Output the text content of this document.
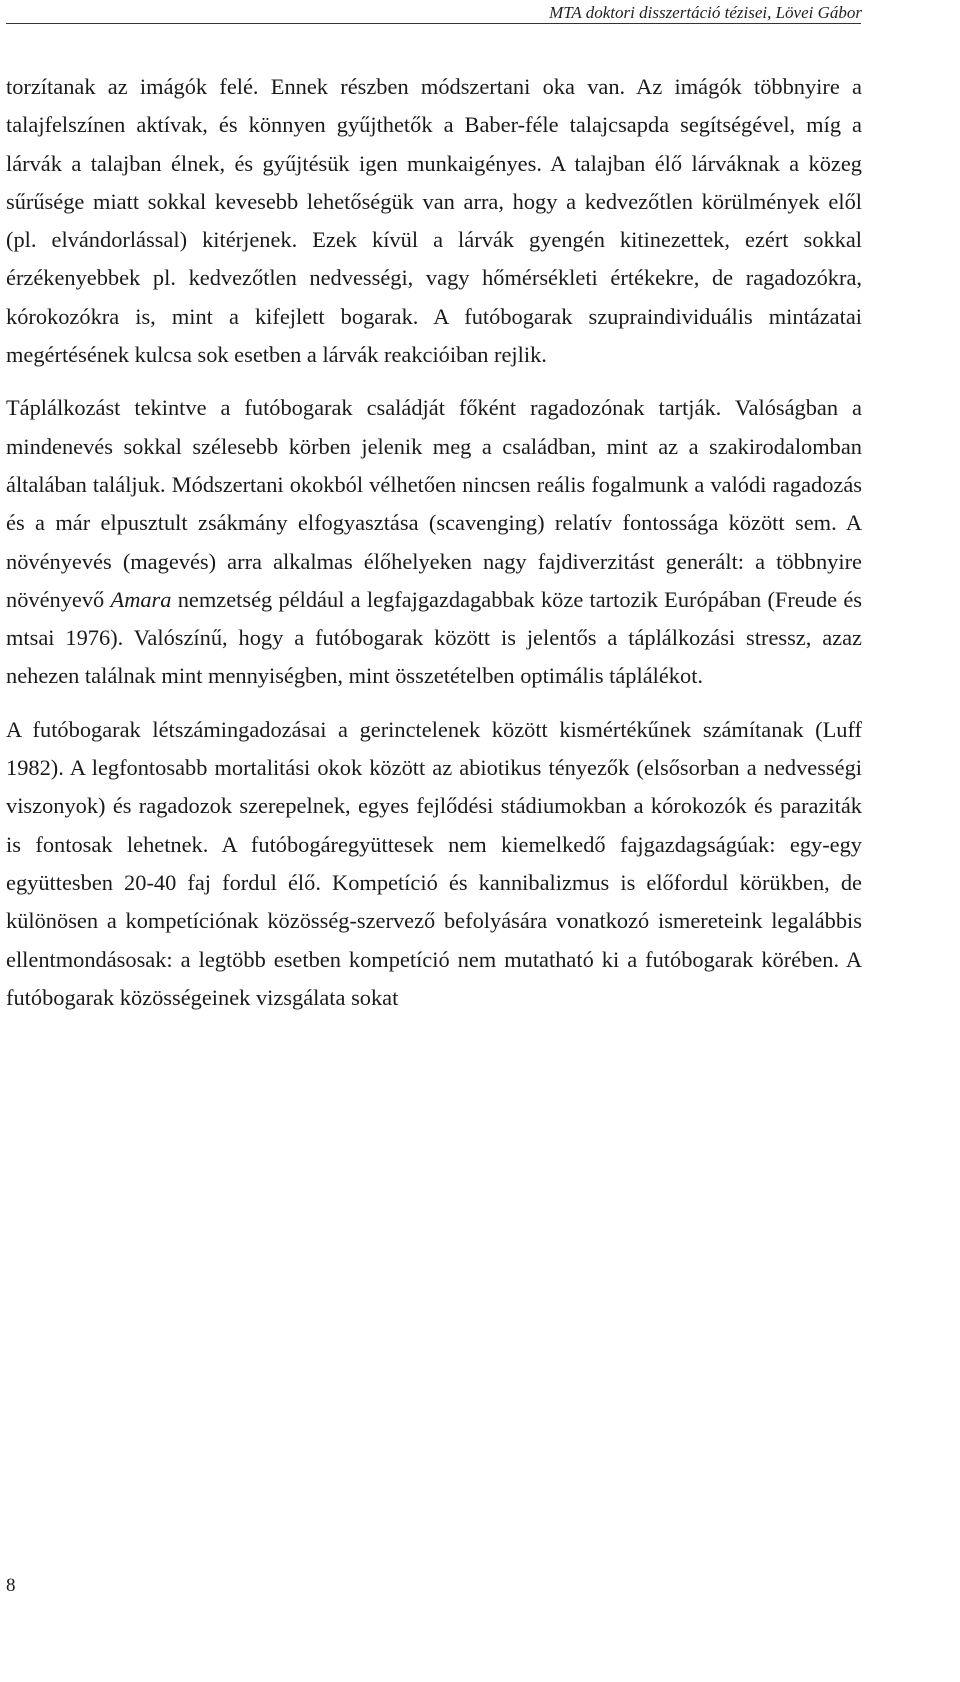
MTA doktori disszertáció tézisei, Lövei Gábor

torzítanak az imágók felé. Ennek részben módszertani oka van. Az imágók többnyire a talajfelszínen aktívak, és könnyen gyűjthetők a Baber-féle talajcsapda segítségével, míg a lárvák a talajban élnek, és gyűjtésük igen munkaigényes. A talajban élő lárváknak a közeg sűrűsége miatt sokkal kevesebb lehetőségük van arra, hogy a kedvezőtlen körülmények elől (pl. elvándorlással) kitérjenek. Ezek kívül a lárvák gyengén kitinezettek, ezért sokkal érzékenyebbek pl. kedvezőtlen nedvességi, vagy hőmérsékleti értékekre, de ragadozókra, kórokozókra is, mint a kifejlett bogarak. A futóbogarak szupraindividuális mintázatai megértésének kulcsa sok esetben a lárvák reakcióiban rejlik.

Táplálkozást tekintve a futóbogarak családját főként ragadozónak tartják. Valóságban a mindenevés sokkal szélesebb körben jelenik meg a családban, mint az a szakirodalomban általában találjuk. Módszertani okokból vélhetően nincsen reális fogalmunk a valódi ragadozás és a már elpusztult zsákmány elfogyasztása (scavenging) relatív fontossága között sem. A növényevés (magevés) arra alkalmas élőhelyeken nagy fajdiverzitást generált: a többnyire növényevő Amara nemzetség például a legfajgazdagabbak köze tartozik Európában (Freude és mtsai 1976). Valószínű, hogy a futóbogarak között is jelentős a táplálkozási stressz, azaz nehezen találnak mint mennyiségben, mint összetételben optimális táplálékot.

A futóbogarak létszámingadozásai a gerinctelenek között kismértékűnek számítanak (Luff 1982). A legfontosabb mortalitási okok között az abiotikus tényezők (elsősorban a nedvességi viszonyok) és ragadozok szerepelnek, egyes fejlődési stádiumokban a kórokozók és paraziták is fontosak lehetnek. A futóbogáregyüttesek nem kiemelkedő fajgazdagságúak: egy-egy együttesben 20-40 faj fordul élő. Kompetíció és kannibalizmus is előfordul körükben, de különösen a kompetíciónak közösség-szervező befolyására vonatkozó ismereteink legalábbis ellentmondásosak: a legtöbb esetben kompetíció nem mutatható ki a futóbogarak körében. A futóbogarak közösségeinek vizsgálata sokat

8
